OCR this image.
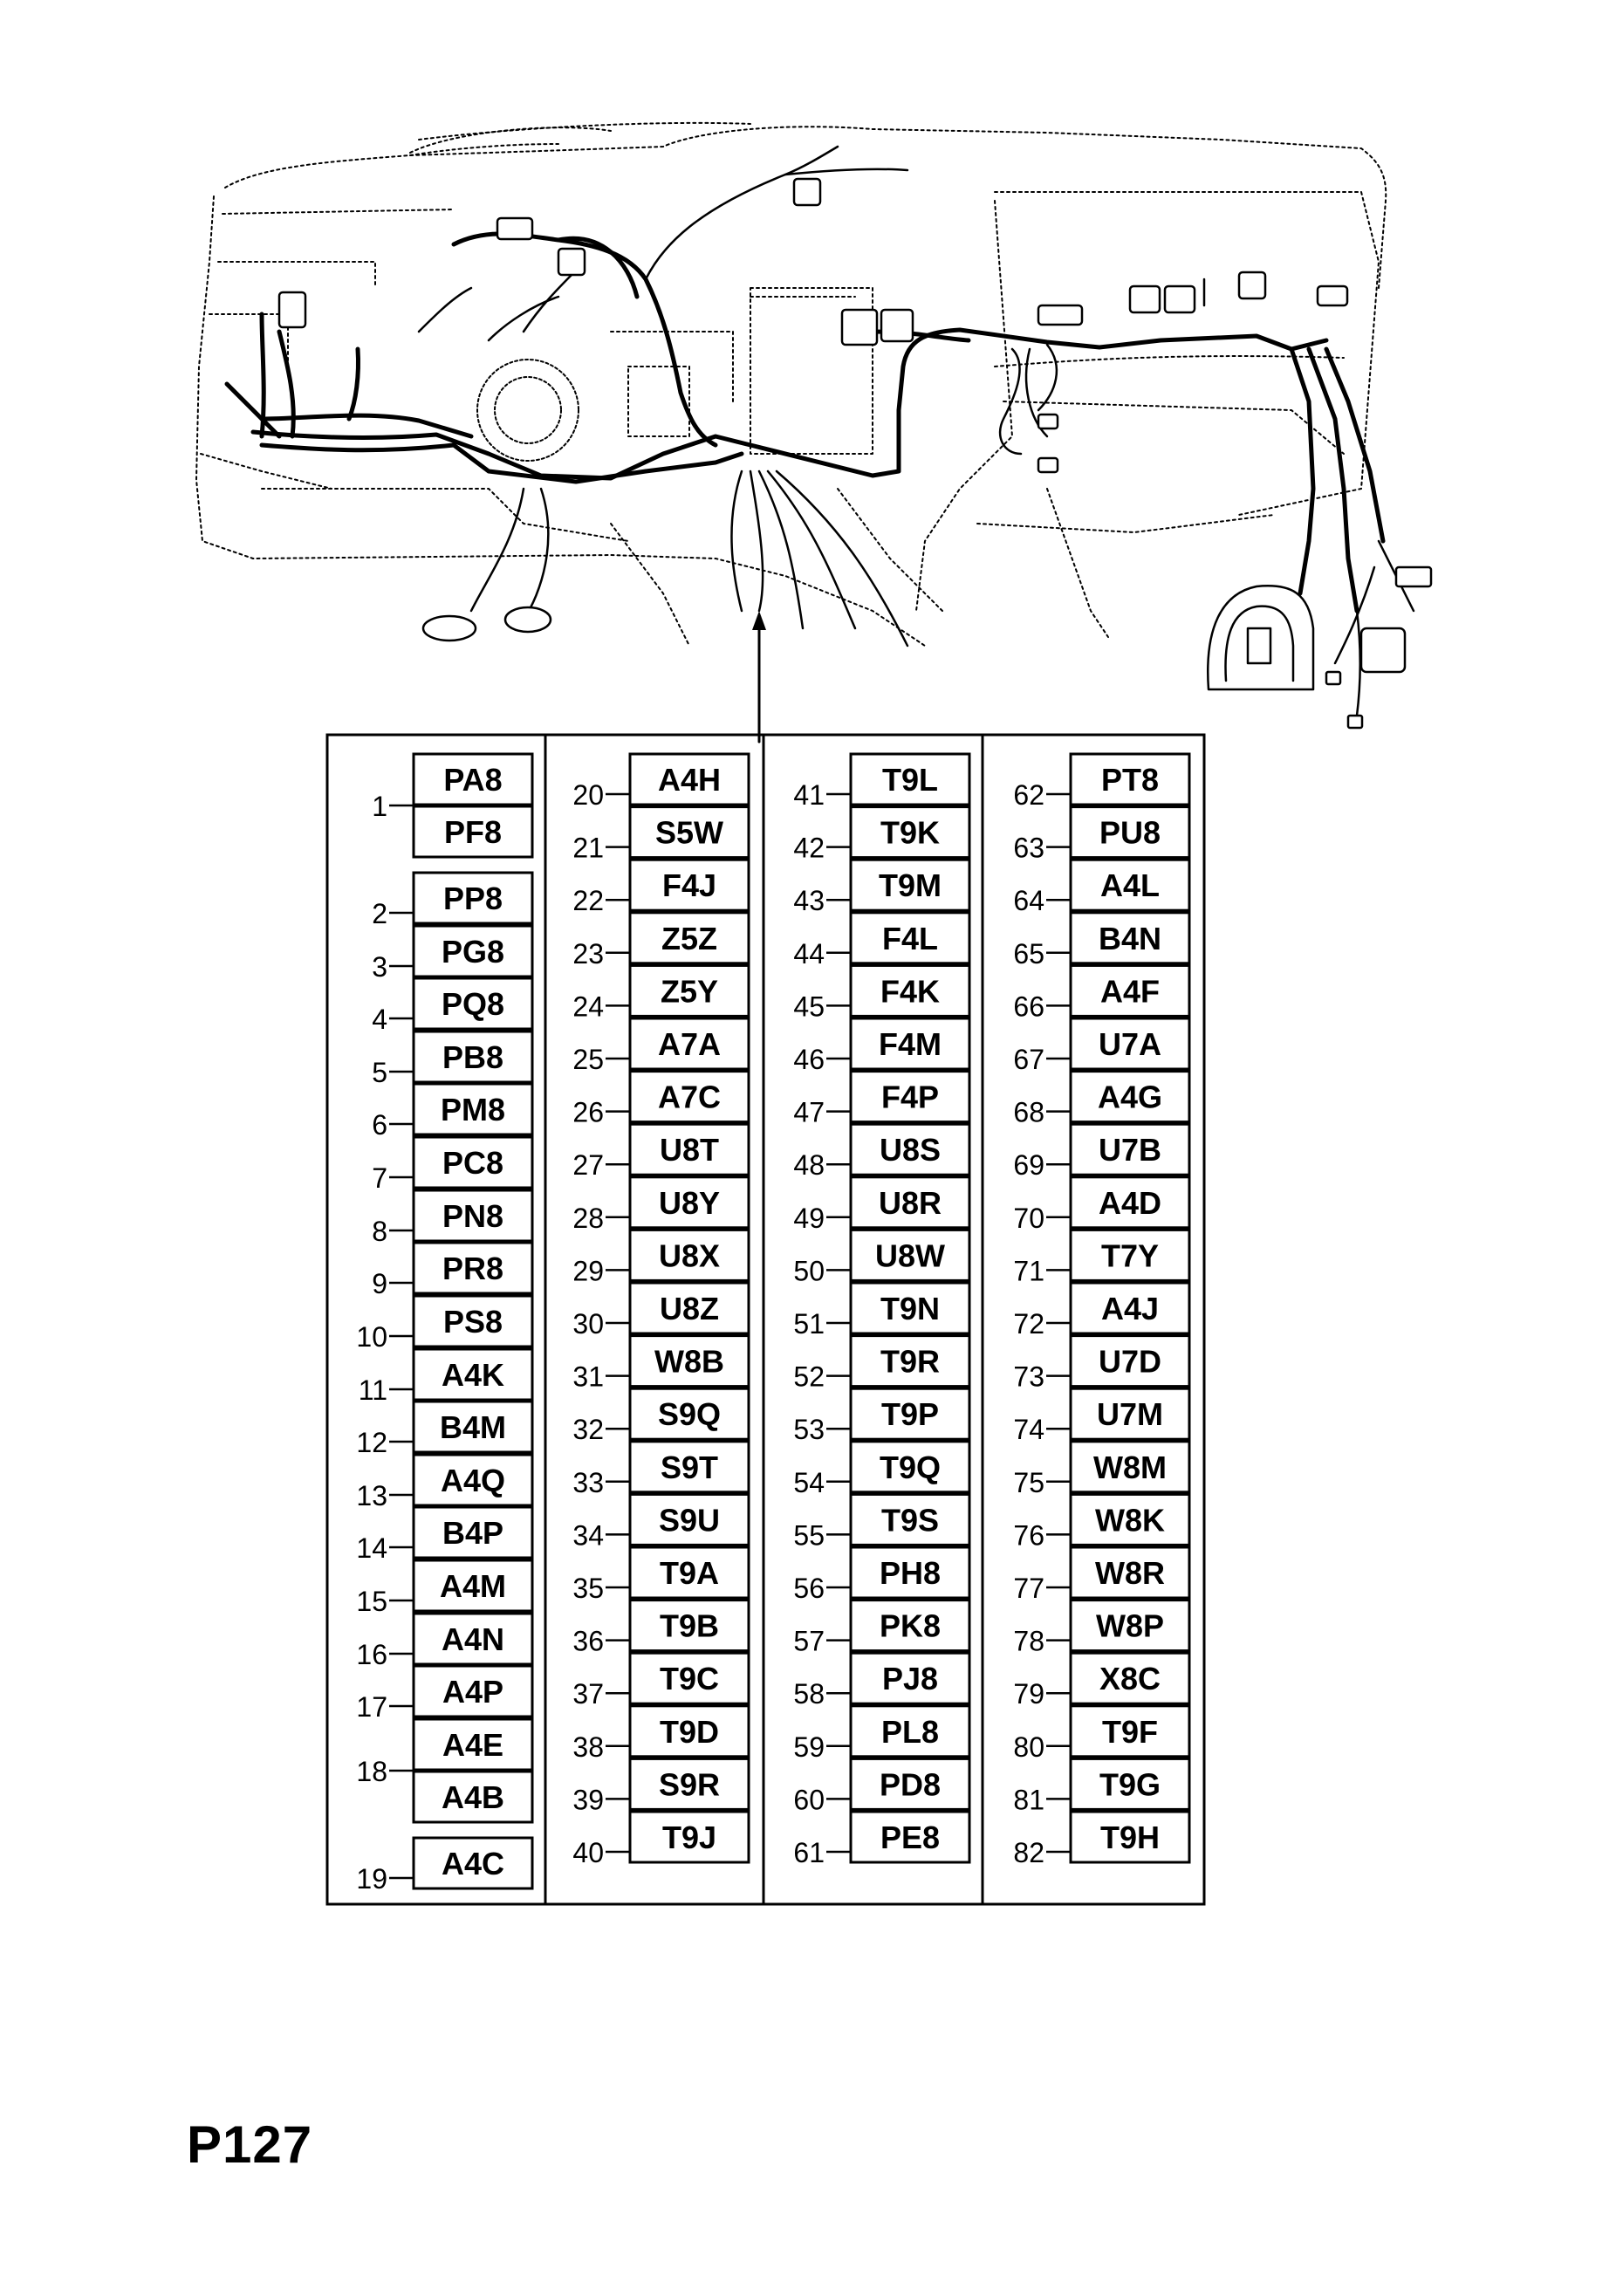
PA8
PF8
1
PP8
2
PG8
3
PQ8
4
PB8
5
PM8
6
PC8
7
PN8
8
PR8
9
PS8
10
A4K
11
B4M
12
A4Q
13
B4P
14
A4M
15
A4N
16
A4P
17
A4E
A4B
18
A4C
19
A4H
20
S5W
21
F4J
22
Z5Z
23
Z5Y
24
A7A
25
A7C
26
U8T
27
U8Y
28
U8X
29
U8Z
30
W8B
31
S9Q
32
S9T
33
S9U
34
T9A
35
T9B
36
T9C
37
T9D
38
S9R
39
T9J
40
T9L
41
T9K
42
T9M
43
F4L
44
F4K
45
F4M
46
F4P
47
U8S
48
U8R
49
U8W
50
T9N
51
T9R
52
T9P
53
T9Q
54
T9S
55
PH8
56
PK8
57
PJ8
58
PL8
59
PD8
60
PE8
61
PT8
62
PU8
63
A4L
64
B4N
65
A4F
66
U7A
67
A4G
68
U7B
69
A4D
70
T7Y
71
A4J
72
U7D
73
U7M
74
W8M
75
W8K
76
W8R
77
W8P
78
X8C
79
T9F
80
T9G
81
T9H
82
P127
